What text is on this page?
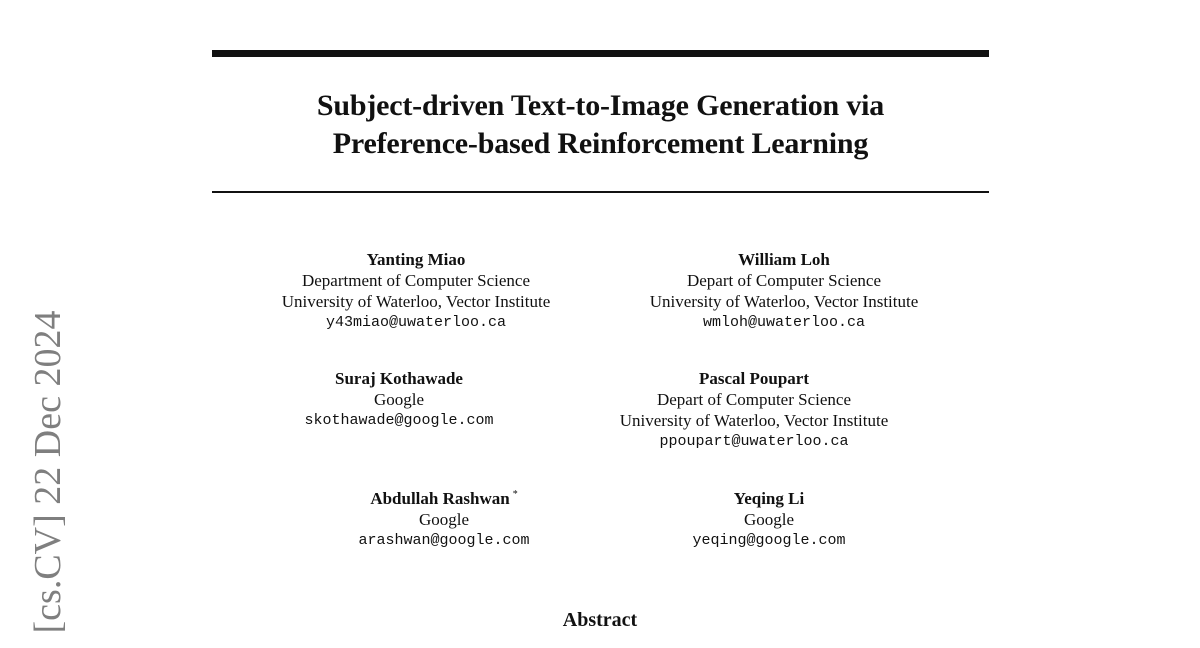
Subject-driven Text-to-Image Generation via
Preference-based Reinforcement Learning
Yanting Miao
Department of Computer Science
University of Waterloo, Vector Institute
y43miao@uwaterloo.ca
William Loh
Depart of Computer Science
University of Waterloo, Vector Institute
wmloh@uwaterloo.ca
Suraj Kothawade
Google
skothawade@google.com
Pascal Poupart
Depart of Computer Science
University of Waterloo, Vector Institute
ppoupart@uwaterloo.ca
Abdullah Rashwan *
Google
arashwan@google.com
Yeqing Li
Google
yeqing@google.com
Abstract
[cs.CV] 22 Dec 2024
